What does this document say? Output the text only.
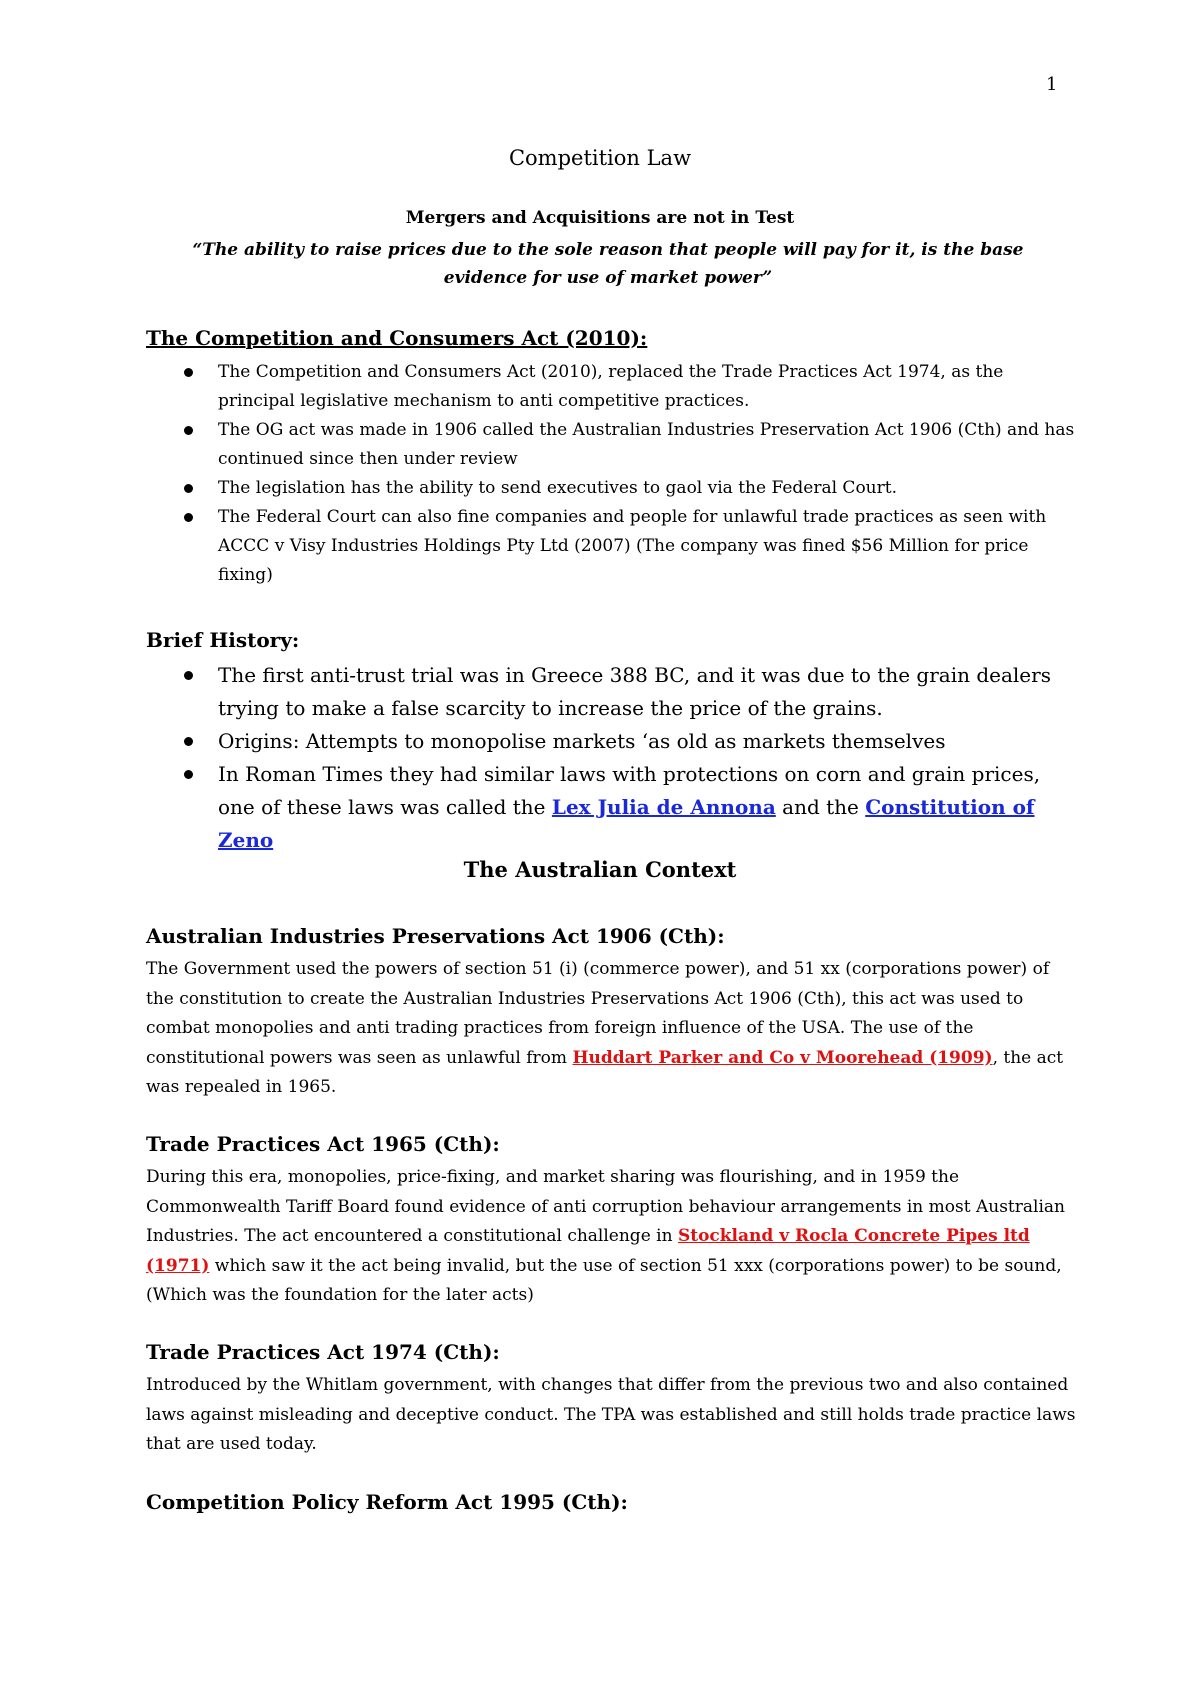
1
Competition Law
Mergers and Acquisitions are not in Test
“The ability to raise prices due to the sole reason that people will pay for it, is the base evidence for use of market power”
The Competition and Consumers Act (2010):
The Competition and Consumers Act (2010), replaced the Trade Practices Act 1974, as the principal legislative mechanism to anti competitive practices.
The OG act was made in 1906 called the Australian Industries Preservation Act 1906 (Cth) and has continued since then under review
The legislation has the ability to send executives to gaol via the Federal Court.
The Federal Court can also fine companies and people for unlawful trade practices as seen with ACCC v Visy Industries Holdings Pty Ltd (2007) (The company was fined $56 Million for price fixing)
Brief History:
The first anti-trust trial was in Greece 388 BC, and it was due to the grain dealers trying to make a false scarcity to increase the price of the grains.
Origins: Attempts to monopolise markets ‘as old as markets themselves
In Roman Times they had similar laws with protections on corn and grain prices, one of these laws was called the Lex Julia de Annona and the Constitution of Zeno
The Australian Context
Australian Industries Preservations Act 1906 (Cth):
The Government used the powers of section 51 (i) (commerce power), and 51 xx (corporations power) of the constitution to create the Australian Industries Preservations Act 1906 (Cth), this act was used to combat monopolies and anti trading practices from foreign influence of the USA. The use of the constitutional powers was seen as unlawful from Huddart Parker and Co v Moorehead (1909), the act was repealed in 1965.
Trade Practices Act 1965 (Cth):
During this era, monopolies, price-fixing, and market sharing was flourishing, and in 1959 the Commonwealth Tariff Board found evidence of anti corruption behaviour arrangements in most Australian Industries. The act encountered a constitutional challenge in Stockland v Rocla Concrete Pipes ltd (1971) which saw it the act being invalid, but the use of section 51 xxx (corporations power) to be sound, (Which was the foundation for the later acts)
Trade Practices Act 1974 (Cth):
Introduced by the Whitlam government, with changes that differ from the previous two and also contained laws against misleading and deceptive conduct. The TPA was established and still holds trade practice laws that are used today.
Competition Policy Reform Act 1995 (Cth):
